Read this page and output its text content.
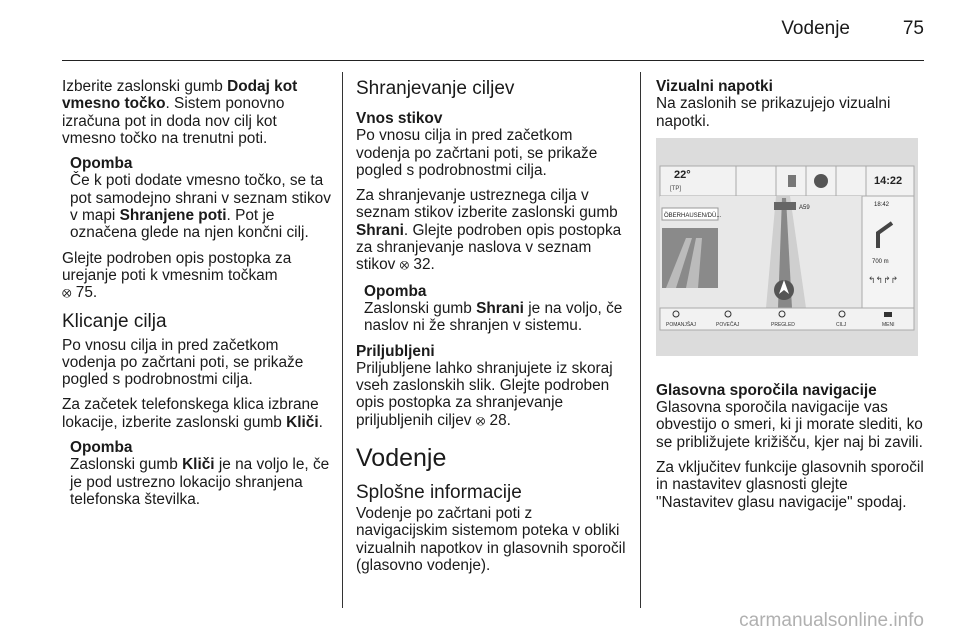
Vodenje	75

Izberite zaslonski gumb Dodaj kot vmesno točko. Sistem ponovno izračuna pot in doda nov cilj kot vmesno točko na trenutni poti.

Opomba
Če k poti dodate vmesno točko, se ta pot samodejno shrani v seznam stikov v mapi Shranjene poti. Pot je označena glede na njen končni cilj.

Glejte podroben opis postopka za urejanje poti k vmesnim točkam
⭙ 75.

Klicanje cilja

Po vnosu cilja in pred začetkom vodenja po začrtani poti, se prikaže pogled s podrobnostmi cilja.

Za začetek telefonskega klica izbrane lokacije, izberite zaslonski gumb Kliči.

Opomba
Zaslonski gumb Kliči je na voljo le, če je pod ustrezno lokacijo shranjena telefonska številka.

Shranjevanje ciljev
Vnos stikov

Po vnosu cilja in pred začetkom vodenja po začrtani poti, se prikaže pogled s podrobnostmi cilja.

Za shranjevanje ustreznega cilja v seznam stikov izberite zaslonski gumb Shrani. Glejte podroben opis postopka za shranjevanje naslova v seznam stikov ⭙ 32.

Opomba
Zaslonski gumb Shrani je na voljo, če naslov ni že shranjen v sistemu.

Priljubljeni

Priljubljene lahko shranjujete iz skoraj vseh zaslonskih slik. Glejte podroben opis postopka za shranjevanje priljubljenih ciljev ⭙ 28.

Vodenje
Splošne informacije

Vodenje po začrtani poti z navigacijskim sistemom poteka v obliki vizualnih napotkov in glasovnih sporočil (glasovno vodenje).

Vizualni napotki

Na zaslonih se prikazujejo vizualni napotki.

22°
[TP]
14:22
ÖBERHAUSEN/DÜ...
A59	18:42
700 m
↰↰↱↱
POMANJŠAJ	POVEČAJ	PREGLED	CILJ	MENI
Glasovna sporočila navigacije

Glasovna sporočila navigacije vas obvestijo o smeri, ki ji morate slediti, ko se približujete križišču, kjer naj bi zavili.

Za vključitev funkcije glasovnih sporočil in nastavitev glasnosti glejte "Nastavitev glasu navigacije" spodaj.

carmanualsonline.info
